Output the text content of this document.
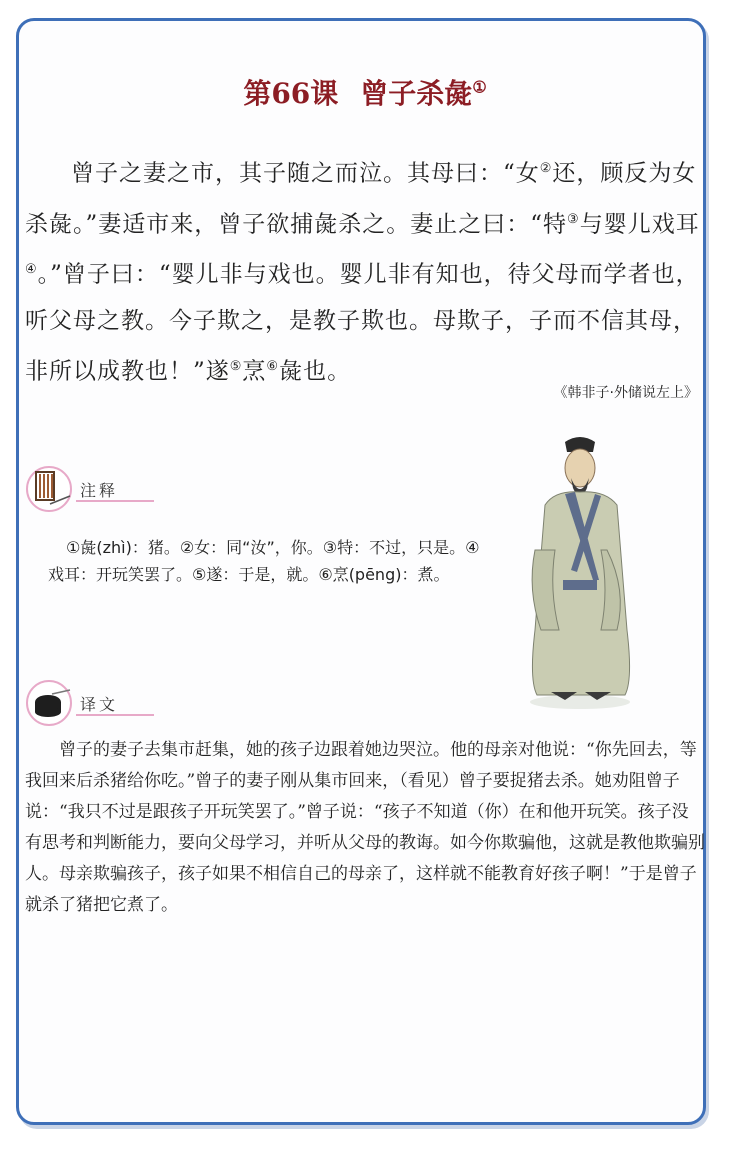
第66课 曾子杀彘①

曾子之妻之市，其子随之而泣。其母曰：“女②还，顾反为女杀彘。”妻适市来，曾子欲捕彘杀之。妻止之曰：“特③与婴儿戏耳④。”曾子曰：“婴儿非与戏也。婴儿非有知也，待父母而学者也，听父母之教。今子欺之，是教子欺也。母欺子，子而不信其母，非所以成教也！”遂⑤烹⑥彘也。

《韩非子·外储说左上》
注释

①彘(zhì)：猪。②女：同“汝”，你。③特：不过，只是。④戏耳：开玩笑罢了。⑤遂：于是，就。⑥烹(pēng)：煮。

译文

曾子的妻子去集市赶集，她的孩子边跟着她边哭泣。他的母亲对他说：“你先回去，等我回来后杀猪给你吃。”曾子的妻子刚从集市回来，（看见）曾子要捉猪去杀。她劝阻曾子说：“我只不过是跟孩子开玩笑罢了。”曾子说：“孩子不知道（你）在和他开玩笑。孩子没有思考和判断能力，要向父母学习，并听从父母的教诲。如今你欺骗他，这就是教他欺骗别人。母亲欺骗孩子，孩子如果不相信自己的母亲了，这样就不能教育好孩子啊！”于是曾子就杀了猪把它煮了。
